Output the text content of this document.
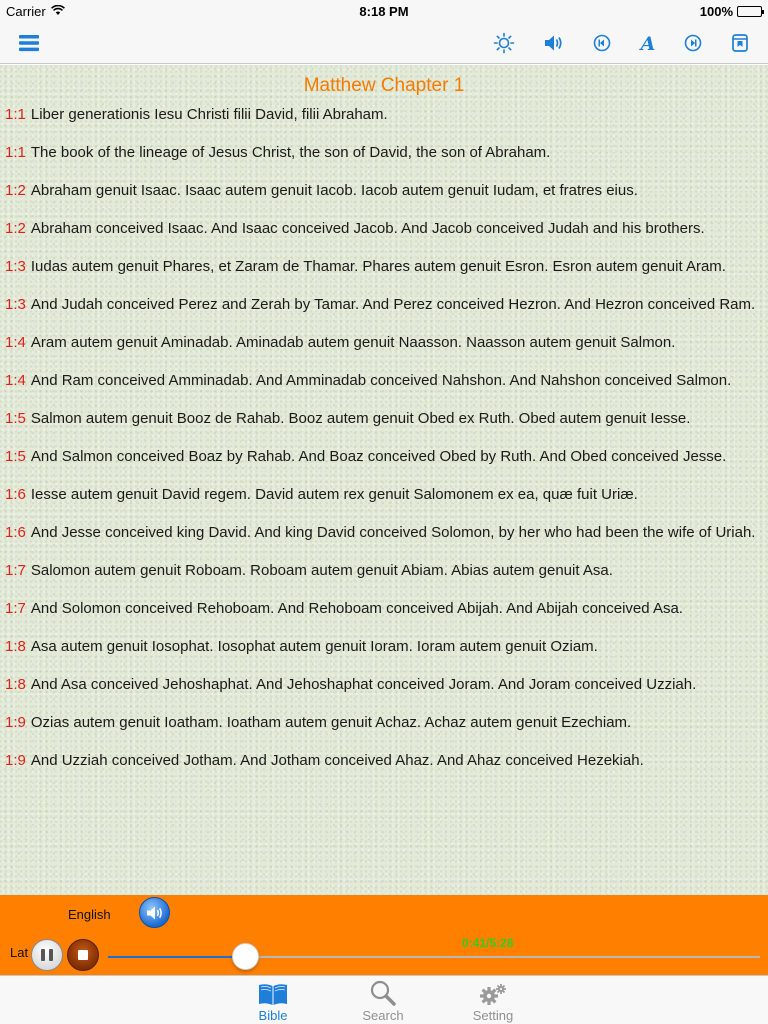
Carrier	8:18 PM	100%
A
Matthew Chapter 1
1:1 Liber generationis Iesu Christi filii David, filii Abraham.
1:1 The book of the lineage of Jesus Christ, the son of David, the son of Abraham.
1:2 Abraham genuit Isaac. Isaac autem genuit Iacob. Iacob autem genuit Iudam, et fratres eius.
1:2 Abraham conceived Isaac. And Isaac conceived Jacob. And Jacob conceived Judah and his brothers.
1:3 Iudas autem genuit Phares, et Zaram de Thamar. Phares autem genuit Esron. Esron autem genuit Aram.
1:3 And Judah conceived Perez and Zerah by Tamar. And Perez conceived Hezron. And Hezron conceived Ram.
1:4 Aram autem genuit Aminadab. Aminadab autem genuit Naasson. Naasson autem genuit Salmon.
1:4 And Ram conceived Amminadab. And Amminadab conceived Nahshon. And Nahshon conceived Salmon.
1:5 Salmon autem genuit Booz de Rahab. Booz autem genuit Obed ex Ruth. Obed autem genuit Iesse.
1:5 And Salmon conceived Boaz by Rahab. And Boaz conceived Obed by Ruth. And Obed conceived Jesse.
1:6 Iesse autem genuit David regem. David autem rex genuit Salomonem ex ea, quæ fuit Uriæ.
1:6 And Jesse conceived king David. And king David conceived Solomon, by her who had been the wife of Uriah.
1:7 Salomon autem genuit Roboam. Roboam autem genuit Abiam. Abias autem genuit Asa.
1:7 And Solomon conceived Rehoboam. And Rehoboam conceived Abijah. And Abijah conceived Asa.
1:8 Asa autem genuit Iosophat. Iosophat autem genuit Ioram. Ioram autem genuit Oziam.
1:8 And Asa conceived Jehoshaphat. And Jehoshaphat conceived Joram. And Joram conceived Uzziah.
1:9 Ozias autem genuit Ioatham. Ioatham autem genuit Achaz. Achaz autem genuit Ezechiam.
1:9 And Uzziah conceived Jotham. And Jotham conceived Ahaz. And Ahaz conceived Hezekiah.
English
Lat
0:41/5:28
Bible	Search	Setting
